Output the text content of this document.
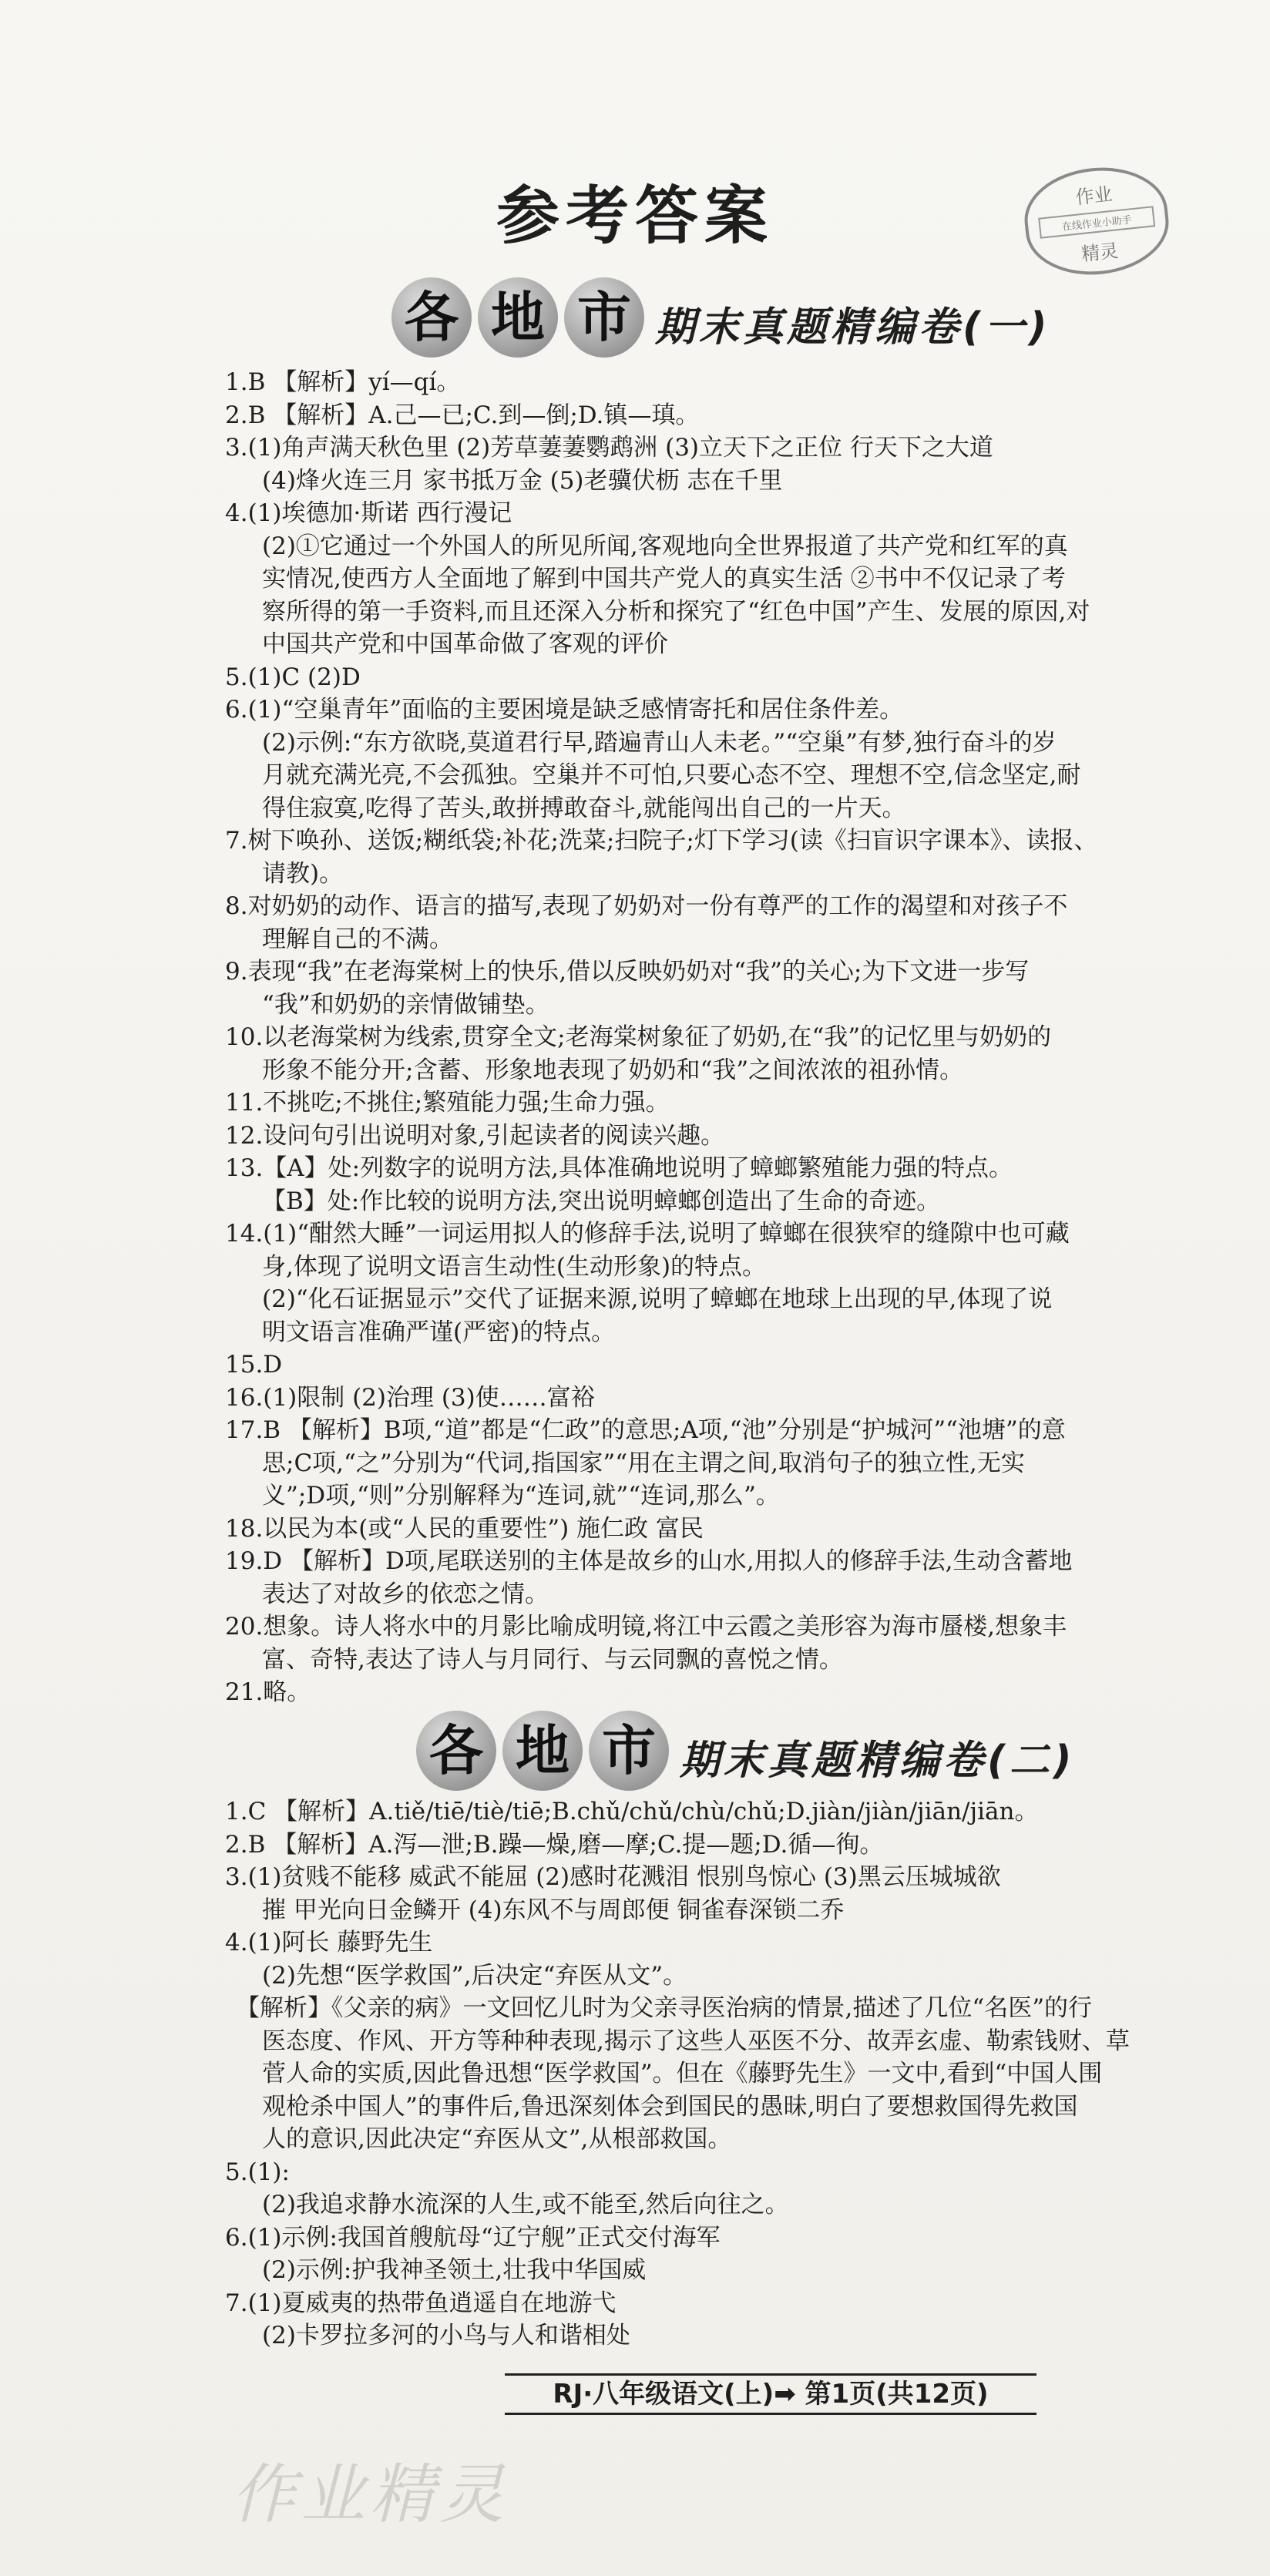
参考答案	作业
在线作业小助手
精灵
各 地 市 期末真题精编卷(一)
1.B 【解析】yí—qí。
2.B 【解析】A.己—已;C.到—倒;D.镇—瑱。
3.(1)角声满天秋色里 (2)芳草萋萋鹦鹉洲 (3)立天下之正位 行天下之大道
(4)烽火连三月 家书抵万金 (5)老骥伏枥 志在千里
4.(1)埃德加·斯诺 西行漫记
(2)①它通过一个外国人的所见所闻,客观地向全世界报道了共产党和红军的真
实情况,使西方人全面地了解到中国共产党人的真实生活 ②书中不仅记录了考
察所得的第一手资料,而且还深入分析和探究了“红色中国”产生、发展的原因,对
中国共产党和中国革命做了客观的评价
5.(1)C (2)D
6.(1)“空巢青年”面临的主要困境是缺乏感情寄托和居住条件差。
(2)示例:“东方欲晓,莫道君行早,踏遍青山人未老。”“空巢”有梦,独行奋斗的岁
月就充满光亮,不会孤独。空巢并不可怕,只要心态不空、理想不空,信念坚定,耐
得住寂寞,吃得了苦头,敢拼搏敢奋斗,就能闯出自己的一片天。
7.树下唤孙、送饭;糊纸袋;补花;洗菜;扫院子;灯下学习(读《扫盲识字课本》、读报、
请教)。
8.对奶奶的动作、语言的描写,表现了奶奶对一份有尊严的工作的渴望和对孩子不
理解自己的不满。
9.表现“我”在老海棠树上的快乐,借以反映奶奶对“我”的关心;为下文进一步写
“我”和奶奶的亲情做铺垫。
10.以老海棠树为线索,贯穿全文;老海棠树象征了奶奶,在“我”的记忆里与奶奶的
形象不能分开;含蓄、形象地表现了奶奶和“我”之间浓浓的祖孙情。
11.不挑吃;不挑住;繁殖能力强;生命力强。
12.设问句引出说明对象,引起读者的阅读兴趣。
13.【A】处:列数字的说明方法,具体准确地说明了蟑螂繁殖能力强的特点。
【B】处:作比较的说明方法,突出说明蟑螂创造出了生命的奇迹。
14.(1)“酣然大睡”一词运用拟人的修辞手法,说明了蟑螂在很狭窄的缝隙中也可藏
身,体现了说明文语言生动性(生动形象)的特点。
(2)“化石证据显示”交代了证据来源,说明了蟑螂在地球上出现的早,体现了说
明文语言准确严谨(严密)的特点。
15.D
16.(1)限制 (2)治理 (3)使……富裕
17.B 【解析】B项,“道”都是“仁政”的意思;A项,“池”分别是“护城河”“池塘”的意
思;C项,“之”分别为“代词,指国家”“用在主谓之间,取消句子的独立性,无实
义”;D项,“则”分别解释为“连词,就”“连词,那么”。
18.以民为本(或“人民的重要性”) 施仁政 富民
19.D 【解析】D项,尾联送别的主体是故乡的山水,用拟人的修辞手法,生动含蓄地
表达了对故乡的依恋之情。
20.想象。诗人将水中的月影比喻成明镜,将江中云霞之美形容为海市蜃楼,想象丰
富、奇特,表达了诗人与月同行、与云同飘的喜悦之情。
21.略。
各 地 市 期末真题精编卷(二)
1.C 【解析】A.tiě/tiē/tiè/tiē;B.chǔ/chǔ/chù/chǔ;D.jiàn/jiàn/jiān/jiān。
2.B 【解析】A.泻—泄;B.躁—燥,磨—摩;C.提—题;D.循—徇。
3.(1)贫贱不能移 威武不能屈 (2)感时花溅泪 恨别鸟惊心 (3)黑云压城城欲
摧 甲光向日金鳞开 (4)东风不与周郎便 铜雀春深锁二乔
4.(1)阿长 藤野先生
(2)先想“医学救国”,后决定“弃医从文”。
【解析】《父亲的病》一文回忆儿时为父亲寻医治病的情景,描述了几位“名医”的行
医态度、作风、开方等种种表现,揭示了这些人巫医不分、故弄玄虚、勒索钱财、草
菅人命的实质,因此鲁迅想“医学救国”。但在《藤野先生》一文中,看到“中国人围
观枪杀中国人”的事件后,鲁迅深刻体会到国民的愚昧,明白了要想救国得先救国
人的意识,因此决定“弃医从文”,从根部救国。
5.(1):
(2)我追求静水流深的人生,或不能至,然后向往之。
6.(1)示例:我国首艘航母“辽宁舰”正式交付海军
(2)示例:护我神圣领土,壮我中华国威
7.(1)夏威夷的热带鱼逍遥自在地游弋
(2)卡罗拉多河的小鸟与人和谐相处
RJ·八年级语文(上)➡ 第1页(共12页)
作业精灵
